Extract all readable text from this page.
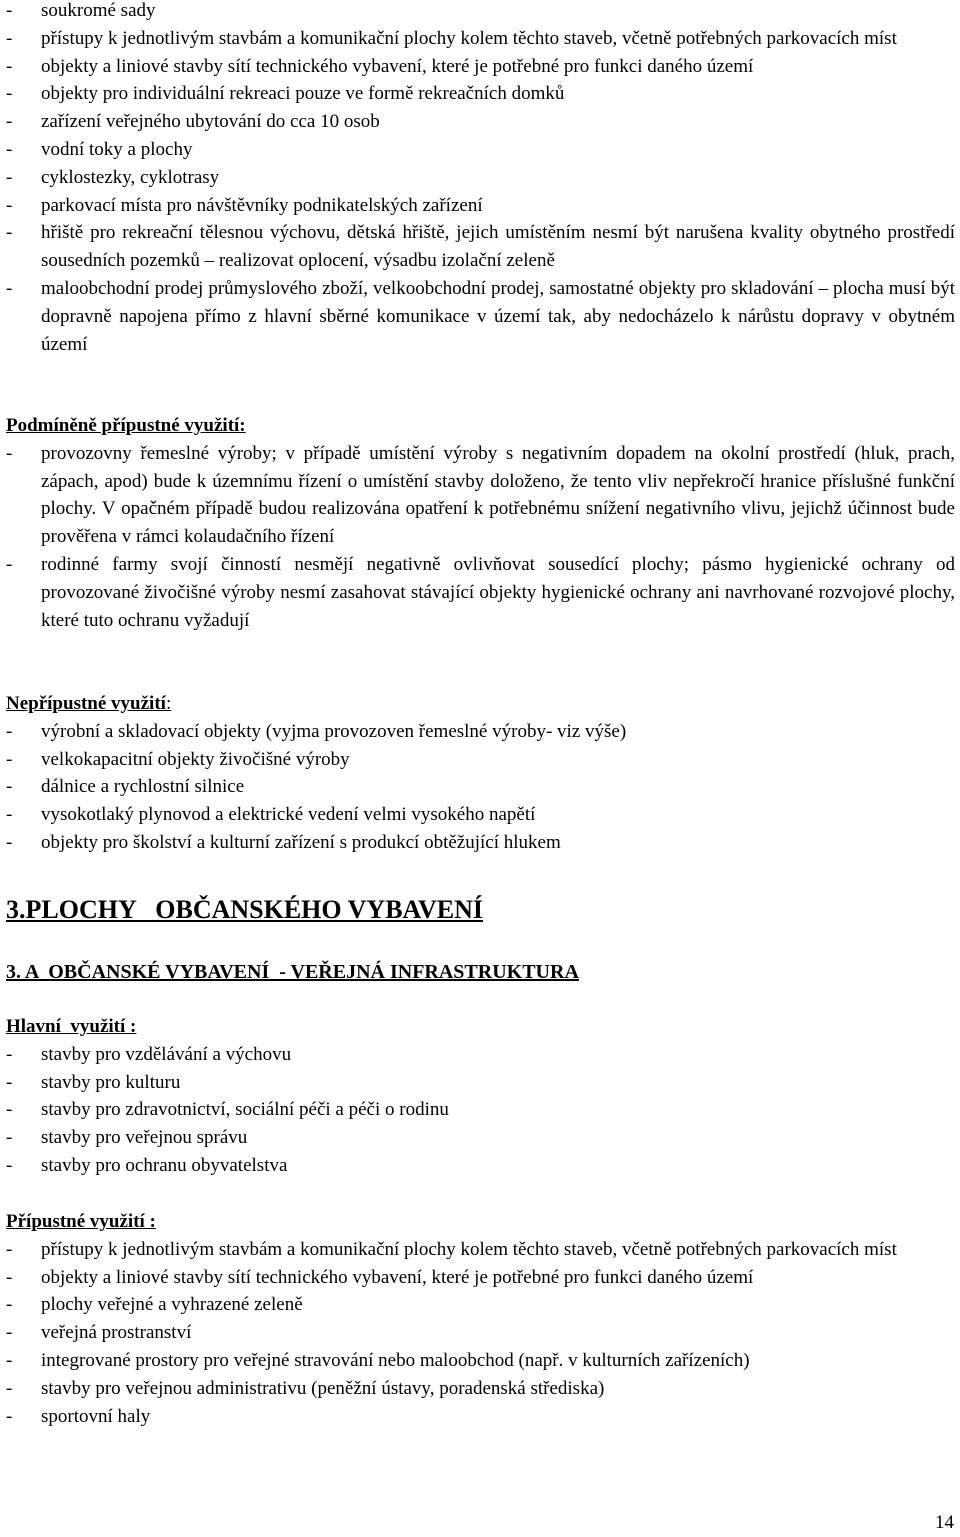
- soukromé sady
- přístupy k jednotlivým stavbám a komunikační plochy kolem těchto staveb, včetně potřebných parkovacích míst
- objekty a liniové stavby sítí technického vybavení, které je potřebné pro funkci daného území
- objekty pro individuální rekreaci pouze ve formě rekreačních domků
- zařízení veřejného ubytování do cca 10 osob
- vodní toky a plochy
- cyklostezky, cyklotrasy
- parkovací místa pro návštěvníky podnikatelských zařízení
- hřiště pro rekreační tělesnou výchovu, dětská hřiště, jejich umístěním nesmí být narušena kvality obytného prostředí sousedních pozemků – realizovat oplocení, výsadbu izolační zeleně
- maloobchodní prodej průmyslového zboží, velkoobchodní prodej, samostatné objekty pro skladování – plocha musí být dopravně napojena přímo z hlavní sběrné komunikace v území tak, aby nedocházelo k nárůstu dopravy v obytném území

Podmíněně přípustné využití:

- provozovny řemeslné výroby; v případě umístění výroby s negativním dopadem na okolní prostředí (hluk, prach, zápach, apod) bude k územnímu řízení o umístění stavby doloženo, že tento vliv nepřekročí hranice příslušné funkční plochy. V opačném případě budou realizována opatření k potřebnému snížení negativního vlivu, jejichž účinnost bude prověřena v rámci kolaudačního řízení
- rodinné farmy svojí činností nesmějí negativně ovlivňovat sousedící plochy; pásmo hygienické ochrany od provozované živočišné výroby nesmí zasahovat stávající objekty hygienické ochrany ani navrhované rozvojové plochy, které tuto ochranu vyžadují

Nepřípustné využití:

- výrobní a skladovací objekty (vyjma provozoven řemeslné výroby- viz výše)
- velkokapacitní objekty živočišné výroby
- dálnice a rychlostní silnice
- vysokotlaký plynovod a elektrické vedení velmi vysokého napětí
- objekty pro školství a kulturní zařízení s produkcí obtěžující hlukem

3.PLOCHY   OBČANSKÉHO VYBAVENÍ

3. A  OBČANSKÉ VYBAVENÍ  - VEŘEJNÁ INFRASTRUKTURA

Hlavní  využití :

- stavby pro vzdělávání a výchovu
- stavby pro kulturu
- stavby pro zdravotnictví, sociální péči a péči o rodinu
- stavby pro veřejnou správu
- stavby pro ochranu obyvatelstva

Přípustné využití :

- přístupy k jednotlivým stavbám a komunikační plochy kolem těchto staveb, včetně potřebných parkovacích míst
- objekty a liniové stavby sítí technického vybavení, které je potřebné pro funkci daného území
- plochy veřejné a vyhrazené zeleně
- veřejná prostranství
- integrované prostory pro veřejné stravování nebo maloobchod (např. v kulturních zařízeních)
- stavby pro veřejnou administrativu (peněžní ústavy, poradenská střediska)
- sportovní haly
14
